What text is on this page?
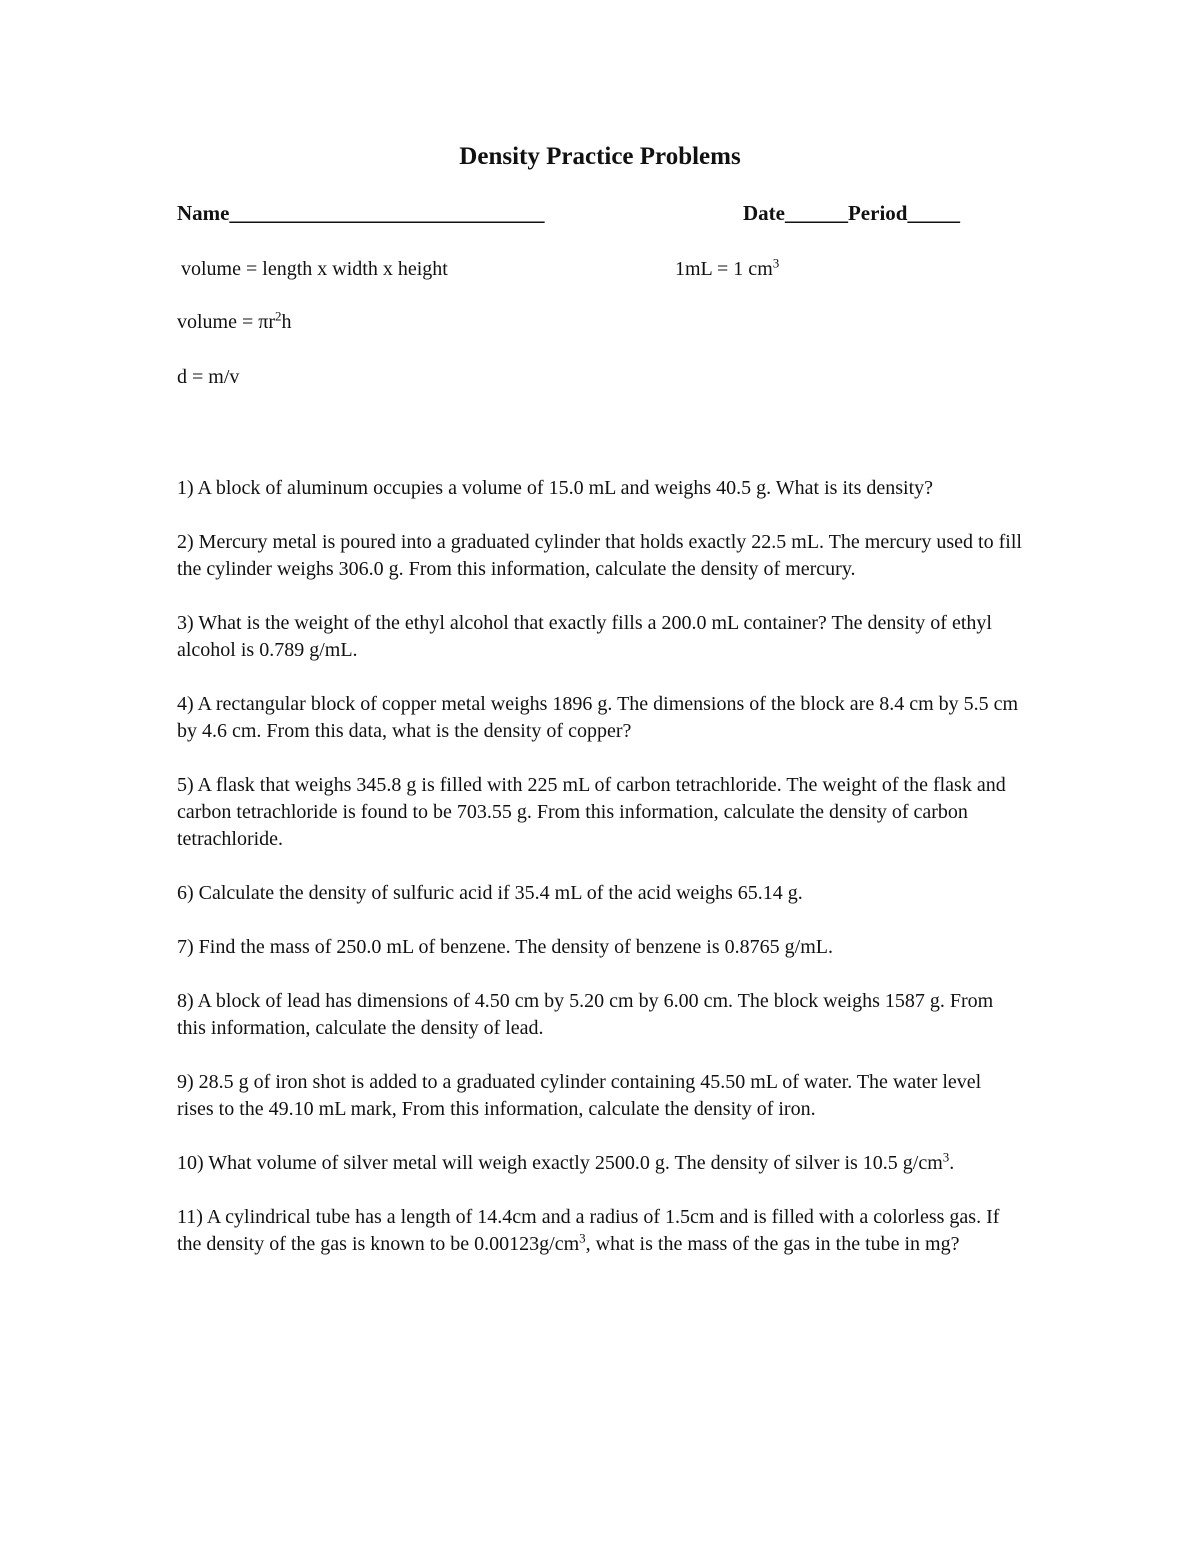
Density Practice Problems
Name______________________________	Date______Period_____
volume = length x width x height	1mL = 1 $cm^3$
volume = $\pi r^2h$
d = m/v

1) A block of aluminum occupies a volume of 15.0 mL and weighs 40.5 g. What is its density?

2) Mercury metal is poured into a graduated cylinder that holds exactly 22.5 mL. The mercury used to fill the cylinder weighs 306.0 g. From this information, calculate the density of mercury.

3) What is the weight of the ethyl alcohol that exactly fills a 200.0 mL container? The density of ethyl alcohol is 0.789 g/mL.

4) A rectangular block of copper metal weighs 1896 g. The dimensions of the block are 8.4 cm by 5.5 cm by 4.6 cm. From this data, what is the density of copper?

5) A flask that weighs 345.8 g is filled with 225 mL of carbon tetrachloride. The weight of the flask and carbon tetrachloride is found to be 703.55 g. From this information, calculate the density of carbon tetrachloride.

6) Calculate the density of sulfuric acid if 35.4 mL of the acid weighs 65.14 g.

7) Find the mass of 250.0 mL of benzene. The density of benzene is 0.8765 g/mL.

8) A block of lead has dimensions of 4.50 cm by 5.20 cm by 6.00 cm. The block weighs 1587 g. From this information, calculate the density of lead.

9) 28.5 g of iron shot is added to a graduated cylinder containing 45.50 mL of water. The water level rises to the 49.10 mL mark, From this information, calculate the density of iron.

10) What volume of silver metal will weigh exactly 2500.0 g. The density of silver is 10.5 $g/cm^3$.

11) A cylindrical tube has a length of 14.4cm and a radius of 1.5cm and is filled with a colorless gas. If the density of the gas is known to be $0.00123g/cm^3$, what is the mass of the gas in the tube in mg?
